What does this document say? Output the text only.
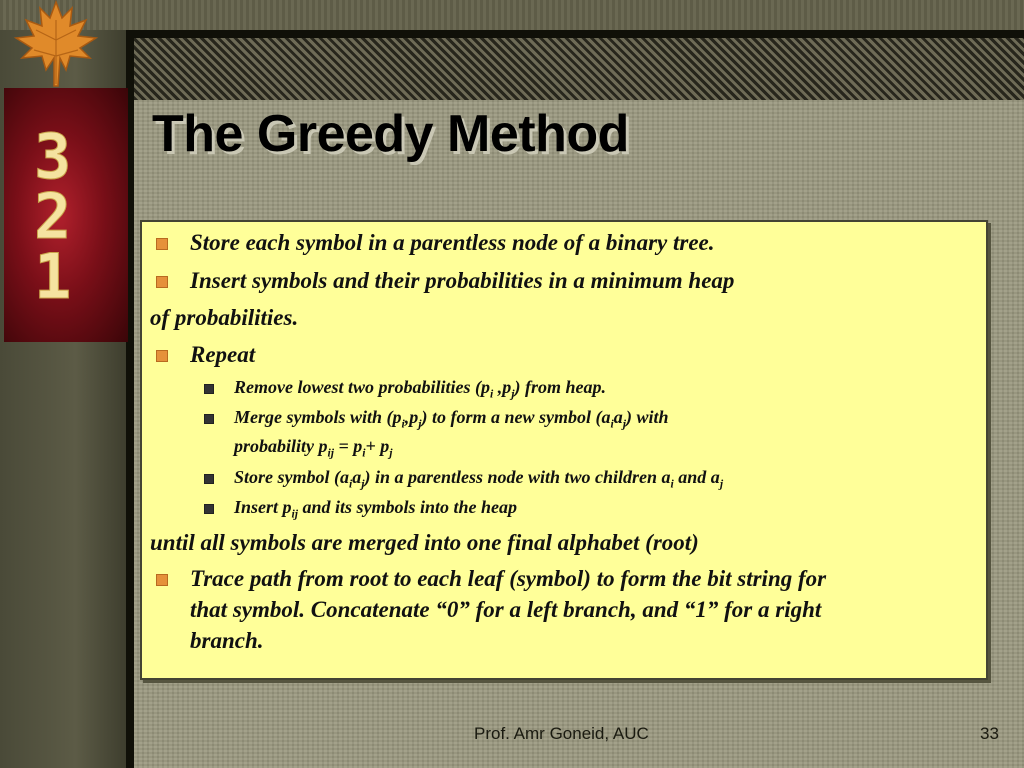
3
2
1
The Greedy Method
Store each symbol in a parentless node of a binary tree.
Insert symbols and their probabilities in a minimum heap
of probabilities.
Repeat
Remove lowest two probabilities ($p_i$ $,p_j$) from heap.
Merge symbols with $(p_i,p_j)$ to form a new symbol $(a_ia_j)$ with
probability $p_{ij} = p_i+ p_j$
Store symbol $(a_ia_j)$ in a parentless node with two children $a_i$ and $a_j$
Insert $p_{ij}$ and its symbols into the heap
until all symbols are merged into one final alphabet (root)
Trace path from root to each leaf (symbol) to form the bit string for
that symbol. Concatenate “0” for a left branch, and “1” for a right
branch.
Prof. Amr Goneid, AUC	33
